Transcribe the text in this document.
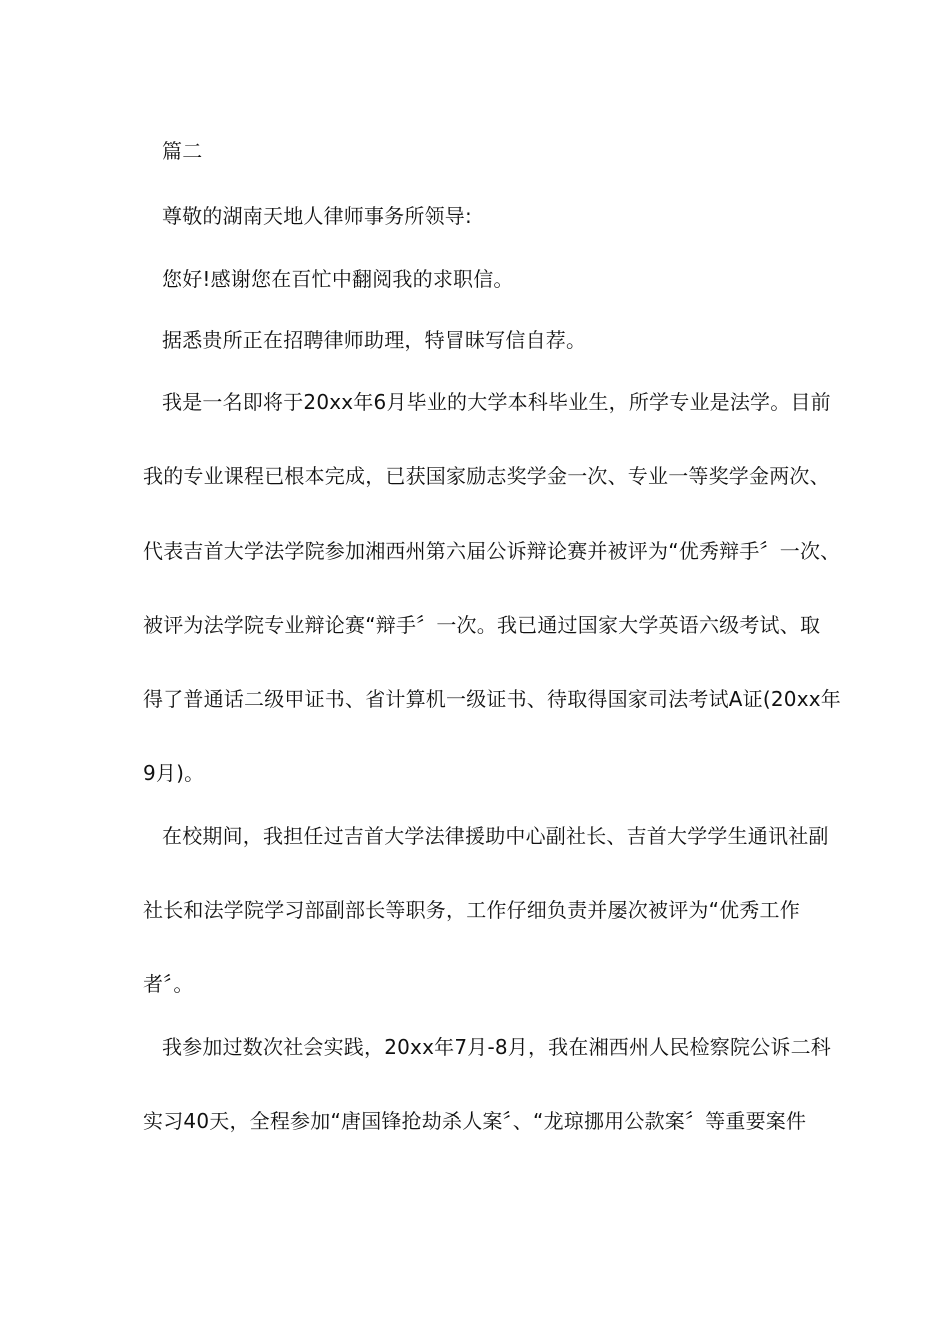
篇二
尊敬的湖南天地人律师事务所领导:
您好!感谢您在百忙中翻阅我的求职信。
据悉贵所正在招聘律师助理，特冒昧写信自荐。
我是一名即将于20xx年6月毕业的大学本科毕业生，所学专业是法学。目前
我的专业课程已根本完成，已获国家励志奖学金一次、专业一等奖学金两次、
代表吉首大学法学院参加湘西州第六届公诉辩论赛并被评为“优秀辩手〞一次、
被评为法学院专业辩论赛“辩手〞一次。我已通过国家大学英语六级考试、取
得了普通话二级甲证书、省计算机一级证书、待取得国家司法考试A证(20xx年
9月)。
在校期间，我担任过吉首大学法律援助中心副社长、吉首大学学生通讯社副
社长和法学院学习部副部长等职务，工作仔细负责并屡次被评为“优秀工作
者〞。
我参加过数次社会实践，20xx年7月-8月，我在湘西州人民检察院公诉二科
实习40天，全程参加“唐国锋抢劫杀人案〞、“龙琼挪用公款案〞等重要案件
